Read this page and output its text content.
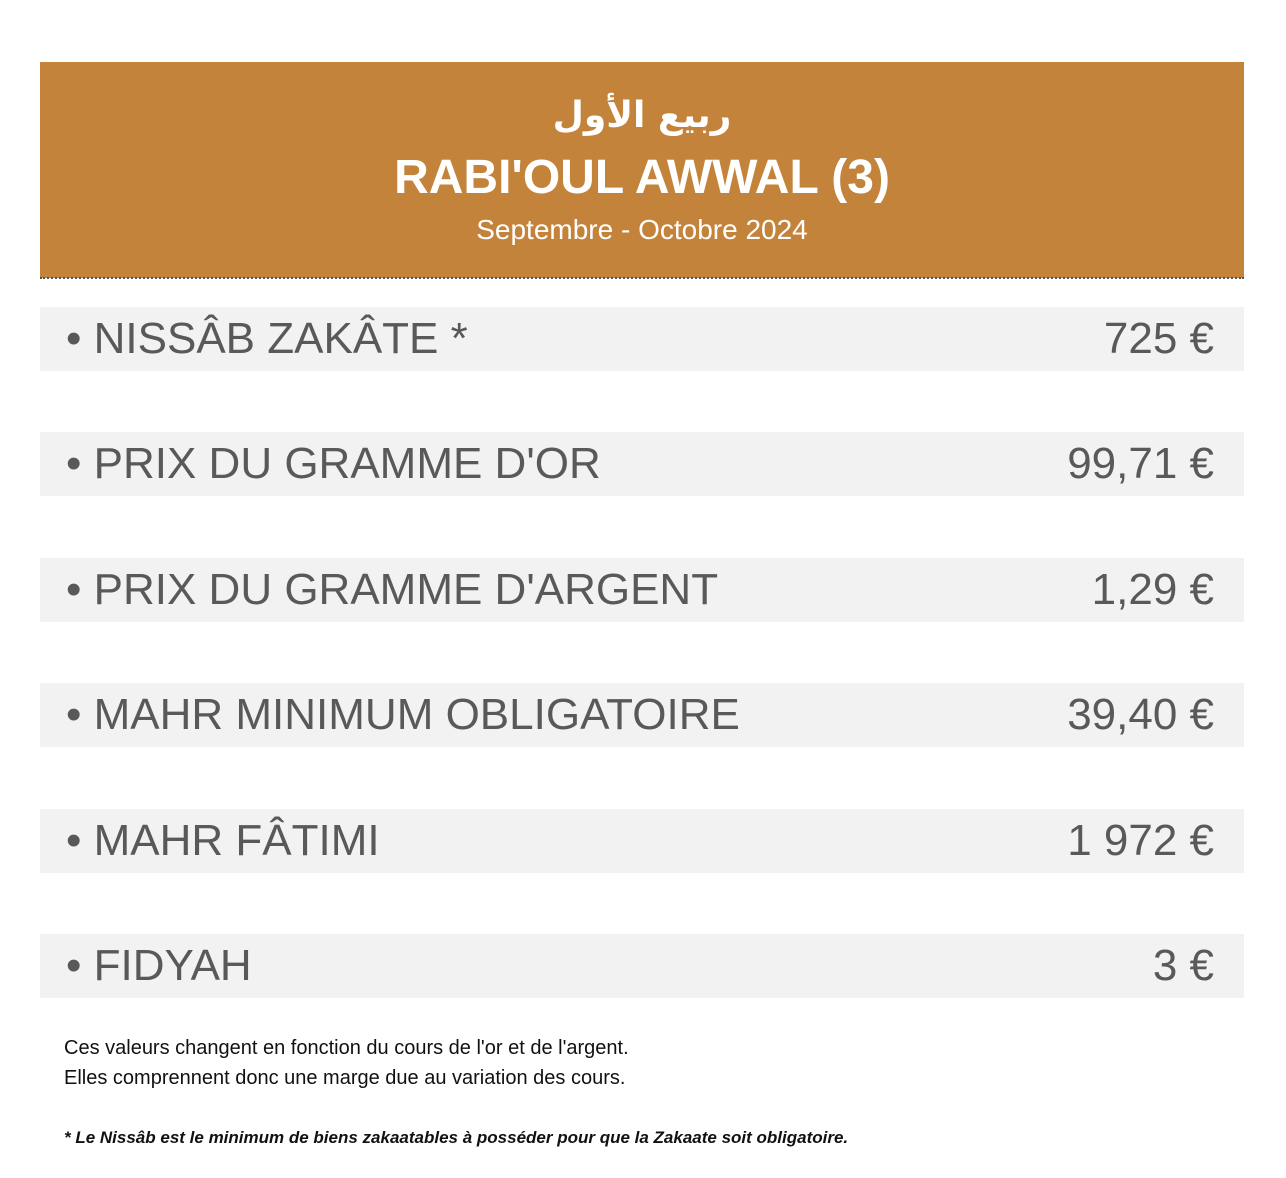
ربيع الأول
RABI'OUL AWWAL (3)
Septembre - Octobre 2024
• NISSÂB ZAKÂTE *	725 €
• PRIX DU GRAMME D'OR	99,71 €
• PRIX DU GRAMME D'ARGENT	1,29 €
• MAHR MINIMUM OBLIGATOIRE	39,40 €
• MAHR FÂTIMI	1 972 €
• FIDYAH	3 €
Ces valeurs changent en fonction du cours de l'or et de l'argent.
Elles comprennent donc une marge due au variation des cours.
* Le Nissâb est le minimum de biens zakaatables à posséder pour que la Zakaate soit obligatoire.
